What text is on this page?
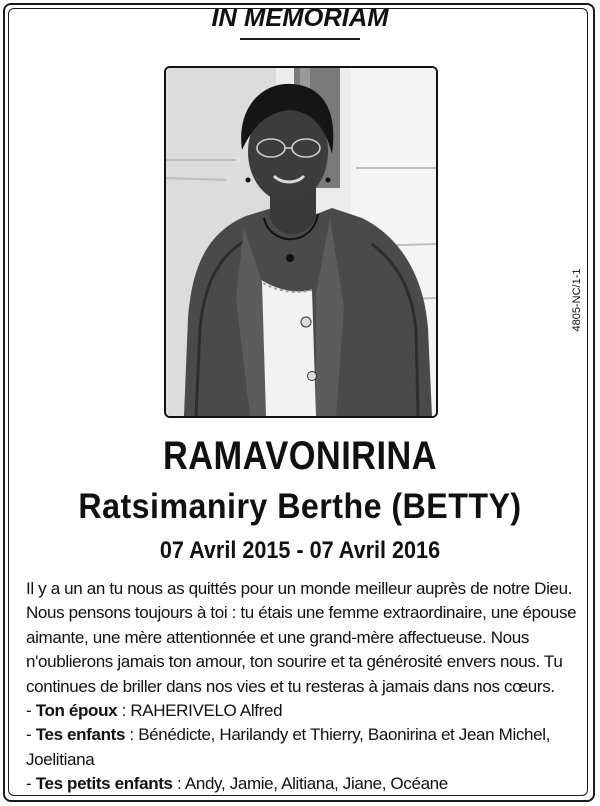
IN MEMORIAM
4805-NC/1-1
RAMAVONIRINA
Ratsimaniry Berthe (BETTY)
07 Avril 2015 - 07 Avril 2016
Il y a un an tu nous as quittés pour un monde meilleur auprès de notre Dieu. Nous pensons toujours à toi : tu étais une femme extraordinaire, une épouse aimante, une mère attentionnée et une grand-mère affectueuse. Nous n'oublierons jamais ton amour, ton sourire et ta générosité envers nous. Tu continues de briller dans nos vies et tu resteras à jamais dans nos cœurs.

- Ton époux : RAHERIVELO Alfred

- Tes enfants : Bénédicte, Harilandy et Thierry, Baonirina et Jean Michel, Joelitiana

- Tes petits enfants : Andy, Jamie, Alitiana, Jiane, Océane
